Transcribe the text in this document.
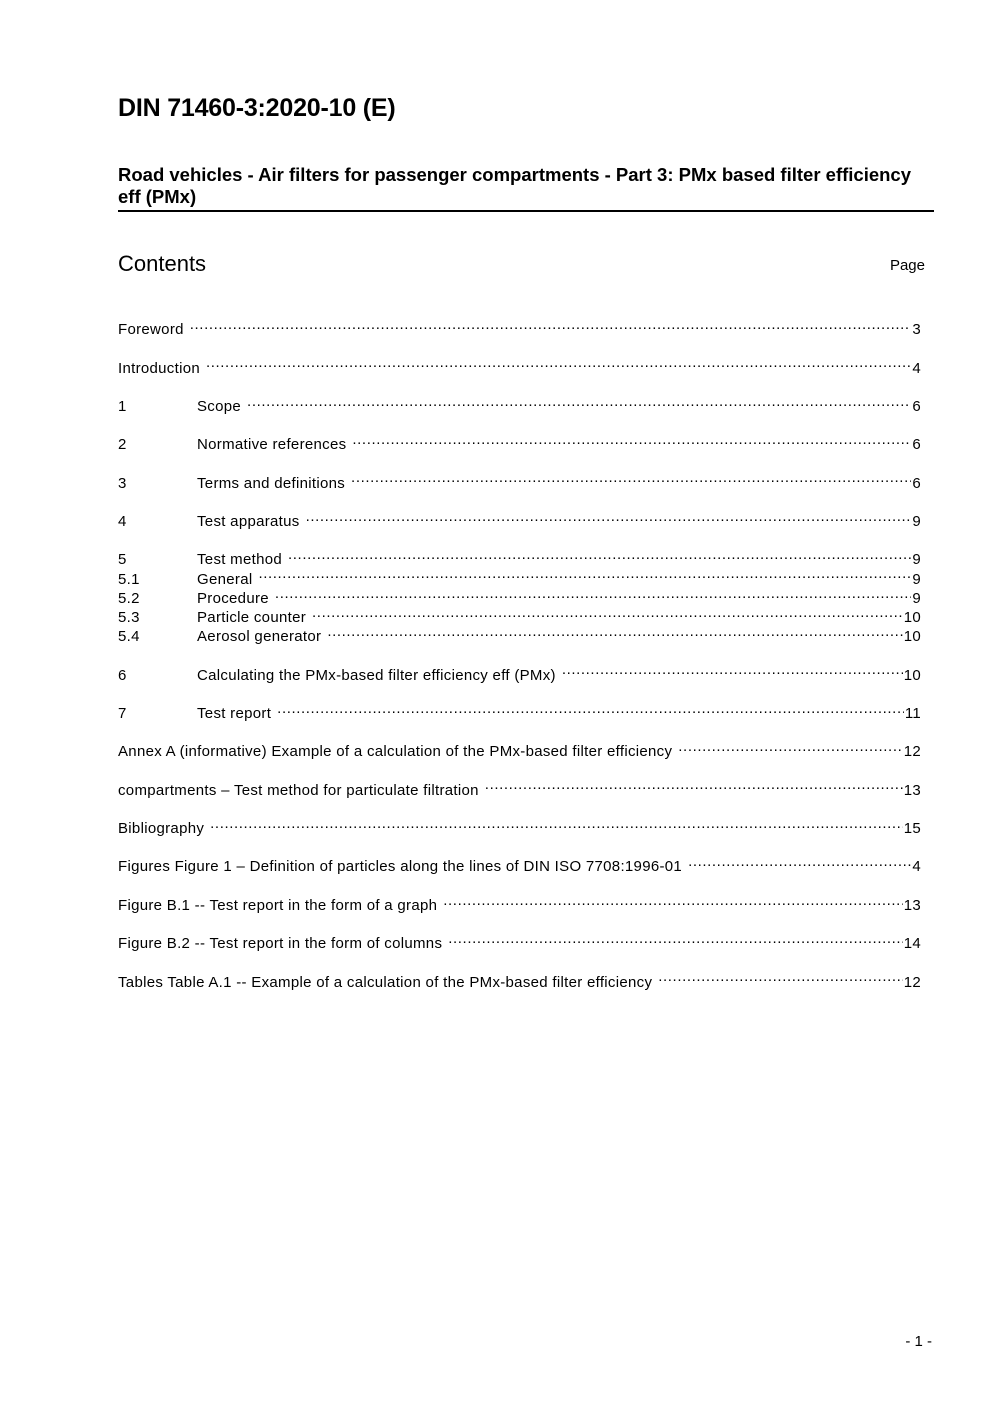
DIN 71460-3:2020-10 (E)
Road vehicles - Air filters for passenger compartments - Part 3: PMx based filter efficiency eff (PMx)
Contents	Page
Foreword .....	3
Introduction .....	4
1	Scope .....	6
2	Normative references .....	6
3	Terms and definitions .....	6
4	Test apparatus .....	9
5	Test method .....	9
5.1	General .....	9
5.2	Procedure .....	9
5.3	Particle counter .....	10
5.4	Aerosol generator .....	10
6	Calculating the PMx-based filter efficiency eff (PMx) .....	10
7	Test report .....	11
Annex A (informative) Example of a calculation of the PMx-based filter efficiency .....	12
compartments – Test method for particulate filtration .....	13
Bibliography .....	15
Figures Figure 1 – Definition of particles along the lines of DIN ISO 7708:1996-01 .....	4
Figure B.1 -- Test report in the form of a graph .....	13
Figure B.2 -- Test report in the form of columns .....	14
Tables Table A.1 -- Example of a calculation of the PMx-based filter efficiency .....	12
- 1 -
